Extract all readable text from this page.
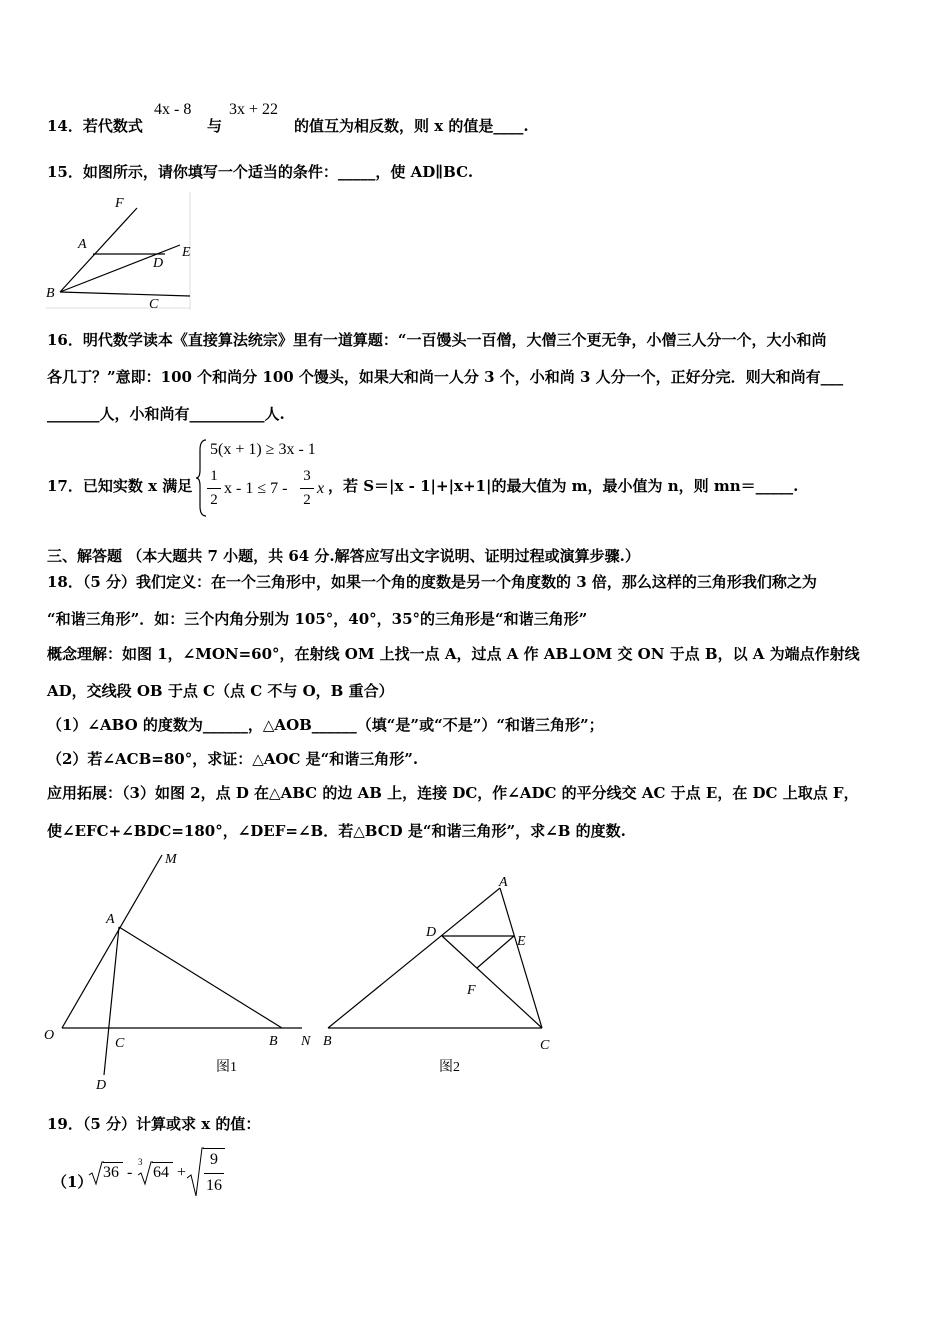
14．若代数式
4x - 8
与
3x + 22
的值互为相反数，则 x 的值是____.
15．如图所示，请你填写一个适当的条件：_____，使 AD∥BC.
F
A
E
D
B
C
16．明代数学读本《直接算法统宗》里有一道算题：“一百馒头一百僧，大僧三个更无争，小僧三人分一个，大小和尚
各几丁？”意即：100 个和尚分 100 个馒头，如果大和尚一人分 3 个，小和尚 3 人分一个，正好分完．则大和尚有___
_______人，小和尚有__________人.
17．已知实数 x 满足
5(x + 1) ≥ 3x - 1
1
2
x - 1 ≤ 7 -
3
2
x ，若 S＝|x - 1|+|x+1|的最大值为 m，最小值为 n，则 mn＝_____.
三、解答题 （本大题共 7 小题，共 64 分.解答应写出文字说明、证明过程或演算步骤.）
18．（5 分）我们定义：在一个三角形中，如果一个角的度数是另一个角度数的 3 倍，那么这样的三角形我们称之为
“和谐三角形”．如：三个内角分别为 105°，40°，35°的三角形是“和谐三角形”
概念理解：如图 1，∠MON=60°，在射线 OM 上找一点 A，过点 A 作 AB⊥OM 交 ON 于点 B，以 A 为端点作射线
AD，交线段 OB 于点 C（点 C 不与 O，B 重合）
（1）∠ABO 的度数为______，△AOB______（填“是”或“不是”）“和谐三角形”；
（2）若∠ACB=80°，求证：△AOC 是“和谐三角形”.
应用拓展：（3）如图 2，点 D 在△ABC 的边 AB 上，连接 DC，作∠ADC 的平分线交 AC 于点 E，在 DC 上取点 F，
使∠EFC+∠BDC=180°，∠DEF=∠B．若△BCD 是“和谐三角形”，求∠B 的度数.
M
A
O
C	B N
D
图1
A
D
E
F
B	C
图2
19．（5 分）计算或求 x 的值：
（1）
36 -
3
64 +
9
16
